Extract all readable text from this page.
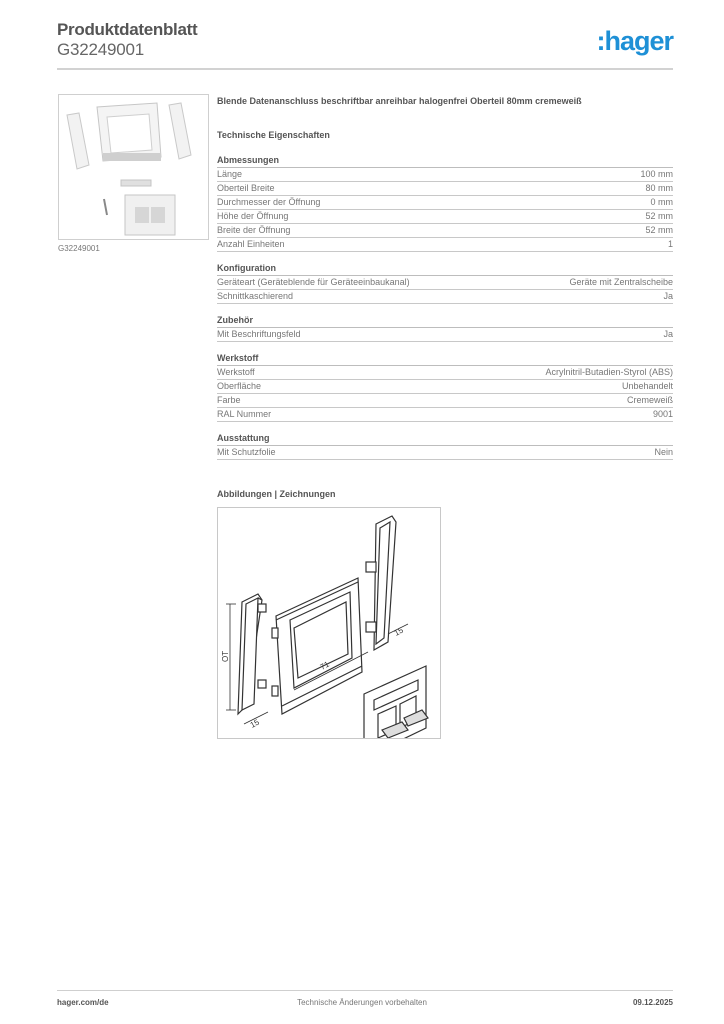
Produktdatenblatt
G32249001	:hager
G32249001
Blende Datenanschluss beschriftbar anreihbar halogenfrei Oberteil 80mm cremeweiß
Technische Eigenschaften
Abmessungen
Länge	100 mm
Oberteil Breite	80 mm
Durchmesser der Öffnung	0 mm
Höhe der Öffnung	52 mm
Breite der Öffnung	52 mm
Anzahl Einheiten	1
Konfiguration
Geräteart (Geräteblende für Geräteeinbaukanal)	Geräte mit Zentralscheibe
Schnittkaschierend	Ja
Zubehör
Mit Beschriftungsfeld	Ja
Werkstoff
Werkstoff	Acrylnitril-Butadien-Styrol (ABS)
Oberfläche	Unbehandelt
Farbe	Cremeweiß
RAL Nummer	9001
Ausstattung
Mit Schutzfolie	Nein
Abbildungen | Zeichnungen
OT
71
15
15
hager.com/de	Technische Änderungen vorbehalten	09.12.2025
